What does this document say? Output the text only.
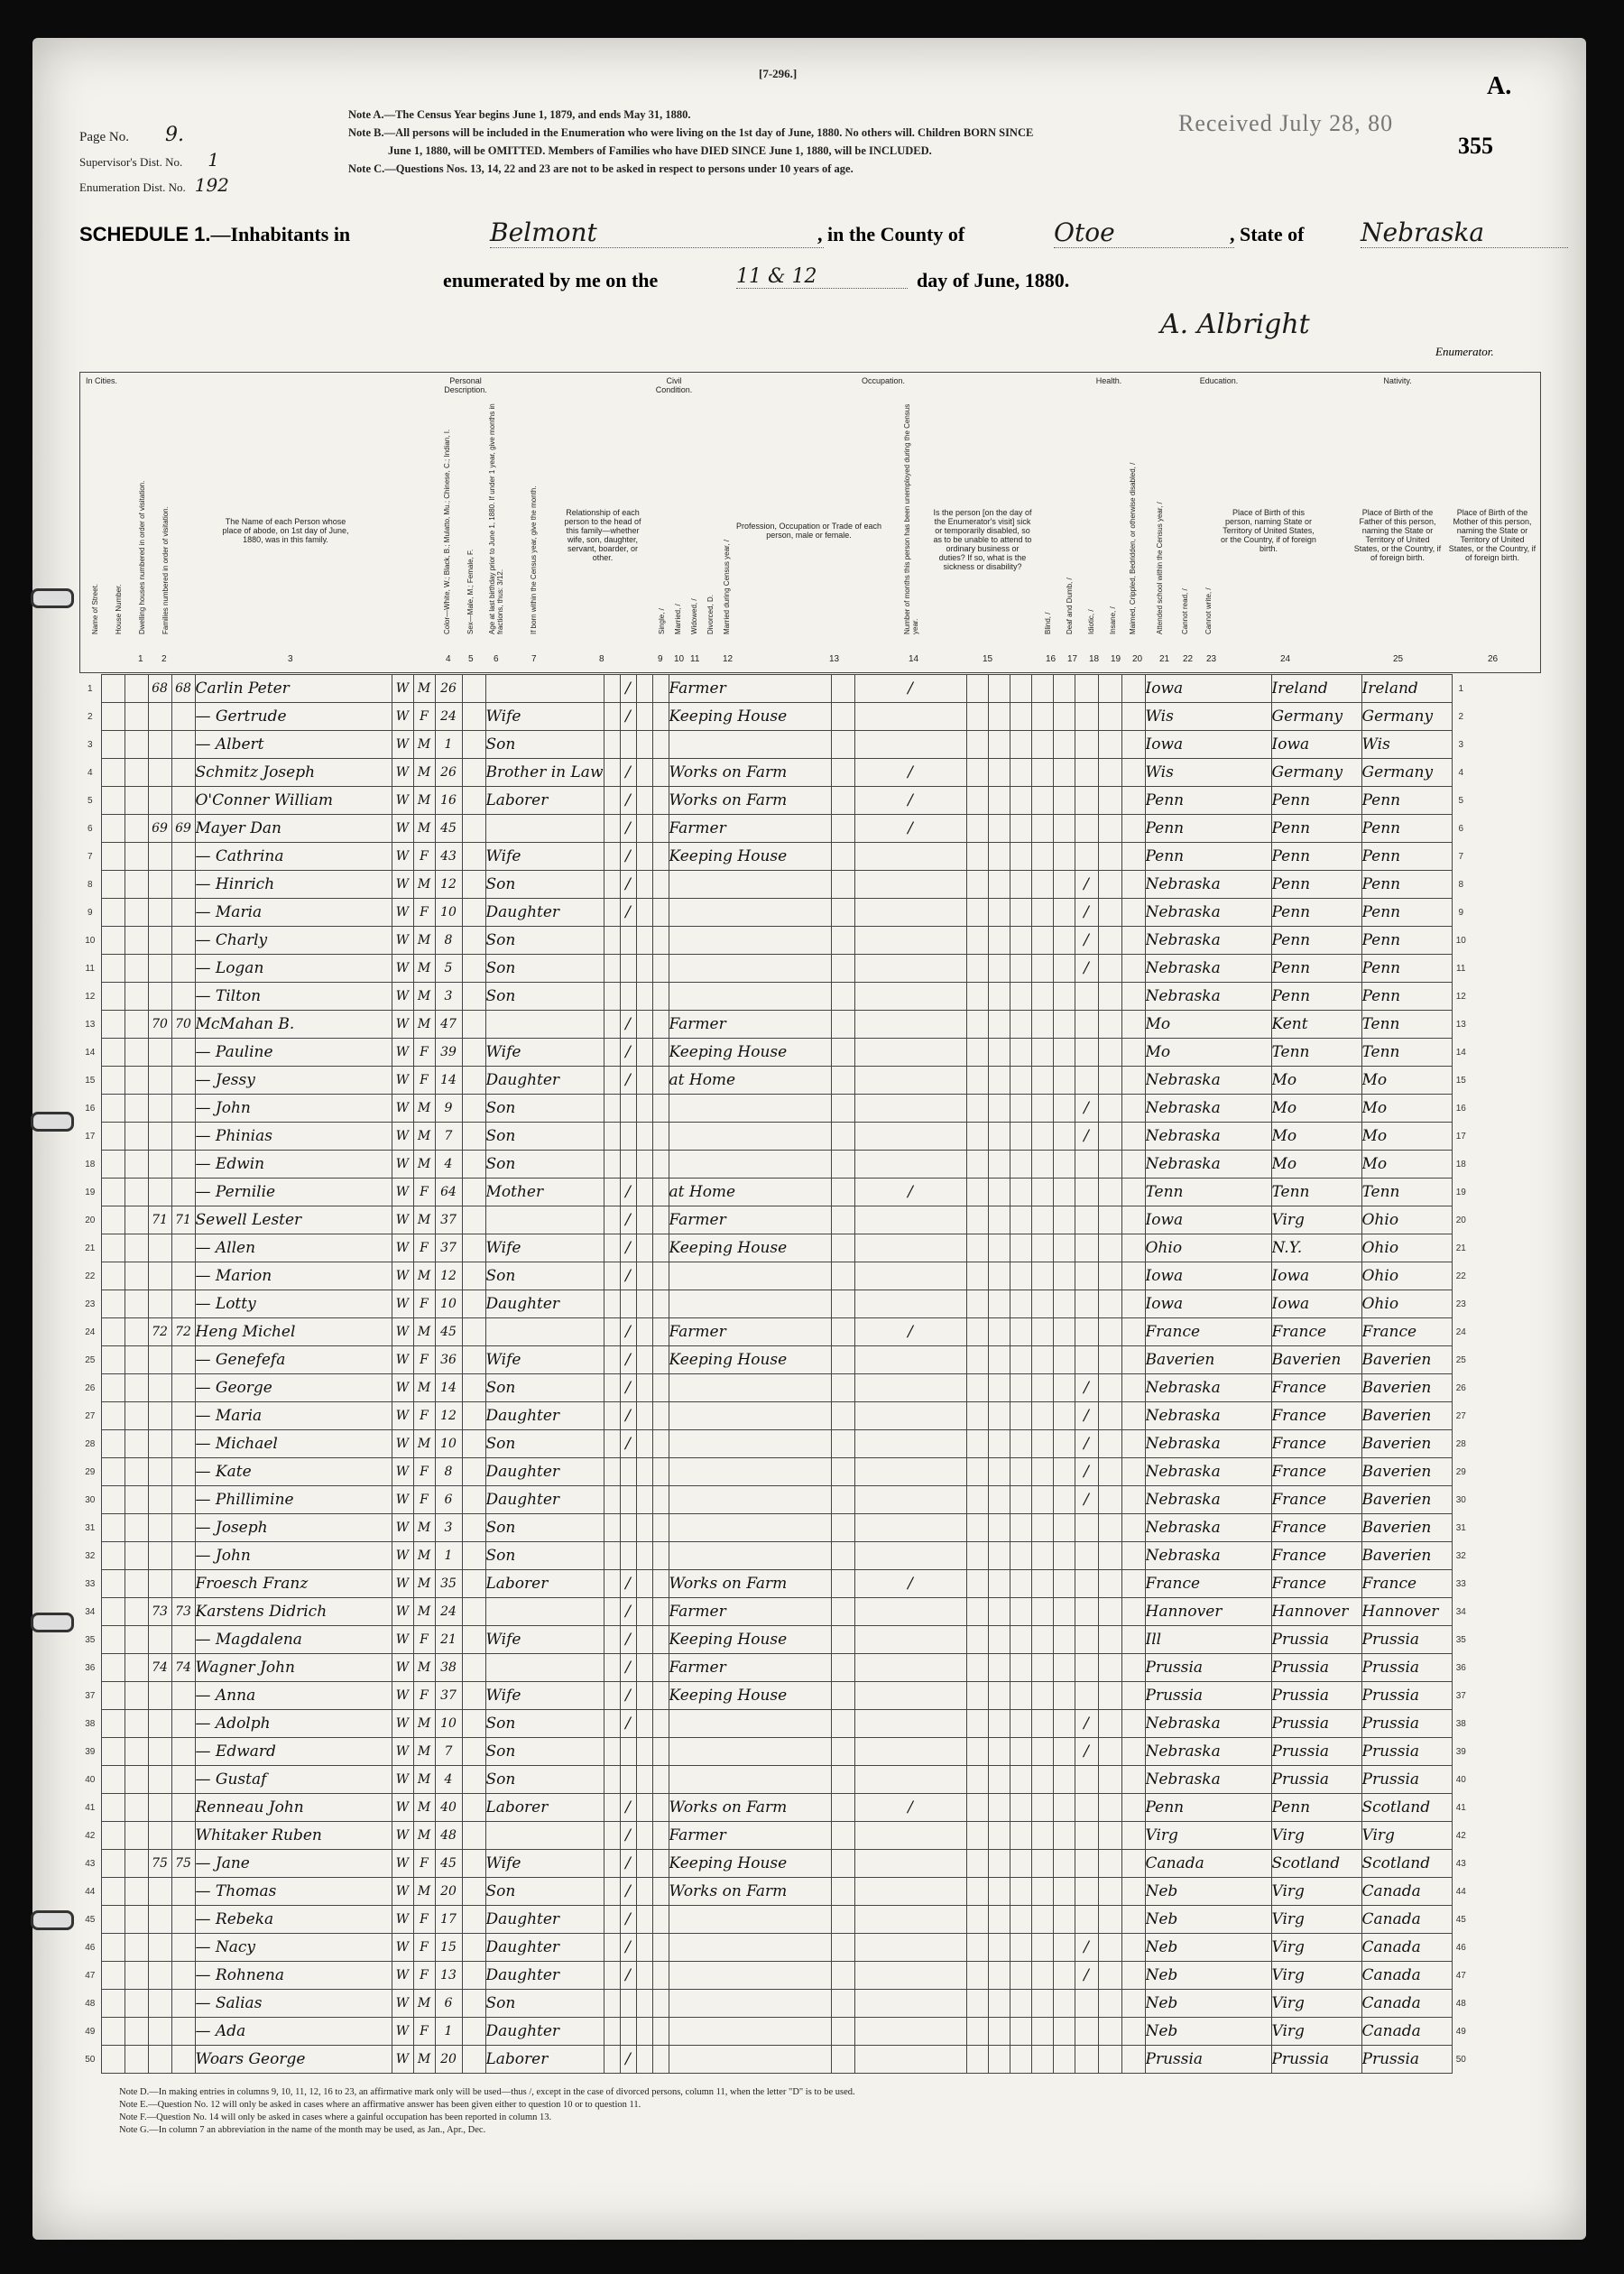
[7-296.]
Received July 28, 80
A.
355
Page No. 9.
Supervisor's Dist. No. 1
Enumeration Dist. No. 192
Note A.—The Census Year begins June 1, 1879, and ends May 31, 1880.
Note B.—All persons will be included in the Enumeration who were living on the 1st day of June, 1880. No others will. Children BORN SINCE
June 1, 1880, will be OMITTED. Members of Families who have DIED SINCE June 1, 1880, will be INCLUDED.
Note C.—Questions Nos. 13, 14, 22 and 23 are not to be asked in respect to persons under 10 years of age.
SCHEDULE 1.—Inhabitants in	Belmont	, in the County of	Otoe	, State of Nebraska
enumerated by me on the	11 & 12	day of June, 1880.
A. Albright
Enumerator.
In Cities.	Personal Description.
Civil Condition.
Occupation.	Health.	Education.	Nativity.
The Name of each Person whose place of abode, on 1st day of June, 1880, was in this family.
Relationship of each person to the head of this family—whether wife, son, daughter, servant, boarder, or other.
Profession, Occupation or Trade of each person, male or female.
Is the person [on the day of the Enumerator's visit] sick or temporarily disabled, so as to be unable to attend to ordinary business or duties? If so, what is the sickness or disability?
Place of Birth of this person, naming State or Territory of United States, or the Country, if of foreign birth.
Place of Birth of the Father of this person, naming the State or Territory of United States, or the Country, if of foreign birth.
Place of Birth of the Mother of this person, naming the State or Territory of United States, or the Country, if of foreign birth.
Name of Street. House Number. Dwelling houses numbered in order of visitation. Families numbered in order of visitation.	Color—White, W.; Black, B.; Mulatto, Mu.; Chinese, C.; Indian, I. Sex—Male, M.; Female, F. Age at last birthday prior to June 1, 1880. If under 1 year, give months in fractions, thus: 3/12.	If born within the Census year, give the month.	Single, / Married, / Widowed, / Divorced, D. Married during Census year, /	Number of months this person has been unemployed during the Census year.	Blind, / Deaf and Dumb, / Idiotic, / Insane, / Maimed, Crippled, Bedridden, or otherwise disabled, /	Attended school within the Census year, / Cannot read, / Cannot write, /
1 2	3	4 5 6	7	8	9 10 11	12	13	14	15	16 17 18 19 20 21 22 23	24	25	26
1			68	68	Carlin Peter	W	M	26				/			Farmer		/									Iowa	Ireland	Ireland	1
2					— Gertrude	W	F	24		Wife		/			Keeping House											Wis	Germany	Germany	2
3					— Albert	W	M	1		Son																Iowa	Iowa	Wis	3
4					Schmitz Joseph	W	M	26		Brother in Law		/			Works on Farm		/									Wis	Germany	Germany	4
5					O'Conner William	W	M	16		Laborer		/			Works on Farm		/									Penn	Penn	Penn	5
6			69	69	Mayer Dan	W	M	45				/			Farmer		/									Penn	Penn	Penn	6
7					— Cathrina	W	F	43		Wife		/			Keeping House											Penn	Penn	Penn	7
8					— Hinrich	W	M	12		Son		/											/			Nebraska	Penn	Penn	8
9					— Maria	W	F	10		Daughter		/											/			Nebraska	Penn	Penn	9
10					— Charly	W	M	8		Son													/			Nebraska	Penn	Penn	10
11					— Logan	W	M	5		Son													/			Nebraska	Penn	Penn	11
12					— Tilton	W	M	3		Son																Nebraska	Penn	Penn	12
13			70	70	McMahan B.	W	M	47				/			Farmer											Mo	Kent	Tenn	13
14					— Pauline	W	F	39		Wife		/			Keeping House											Mo	Tenn	Tenn	14
15					— Jessy	W	F	14		Daughter		/			at Home											Nebraska	Mo	Mo	15
16					— John	W	M	9		Son													/			Nebraska	Mo	Mo	16
17					— Phinias	W	M	7		Son													/			Nebraska	Mo	Mo	17
18					— Edwin	W	M	4		Son																Nebraska	Mo	Mo	18
19					— Pernilie	W	F	64		Mother		/			at Home		/									Tenn	Tenn	Tenn	19
20			71	71	Sewell Lester	W	M	37				/			Farmer											Iowa	Virg	Ohio	20
21					— Allen	W	F	37		Wife		/			Keeping House											Ohio	N.Y.	Ohio	21
22					— Marion	W	M	12		Son		/														Iowa	Iowa	Ohio	22
23					— Lotty	W	F	10		Daughter																Iowa	Iowa	Ohio	23
24			72	72	Heng Michel	W	M	45				/			Farmer		/									France	France	France	24
25					— Genefefa	W	F	36		Wife		/			Keeping House											Baverien	Baverien	Baverien	25
26					— George	W	M	14		Son		/											/			Nebraska	France	Baverien	26
27					— Maria	W	F	12		Daughter		/											/			Nebraska	France	Baverien	27
28					— Michael	W	M	10		Son		/											/			Nebraska	France	Baverien	28
29					— Kate	W	F	8		Daughter													/			Nebraska	France	Baverien	29
30					— Phillimine	W	F	6		Daughter													/			Nebraska	France	Baverien	30
31					— Joseph	W	M	3		Son																Nebraska	France	Baverien	31
32					— John	W	M	1		Son																Nebraska	France	Baverien	32
33					Froesch Franz	W	M	35		Laborer		/			Works on Farm		/									France	France	France	33
34			73	73	Karstens Didrich	W	M	24				/			Farmer											Hannover	Hannover	Hannover	34
35					— Magdalena	W	F	21		Wife		/			Keeping House											Ill	Prussia	Prussia	35
36			74	74	Wagner John	W	M	38				/			Farmer											Prussia	Prussia	Prussia	36
37					— Anna	W	F	37		Wife		/			Keeping House											Prussia	Prussia	Prussia	37
38					— Adolph	W	M	10		Son		/											/			Nebraska	Prussia	Prussia	38
39					— Edward	W	M	7		Son													/			Nebraska	Prussia	Prussia	39
40					— Gustaf	W	M	4		Son																Nebraska	Prussia	Prussia	40
41					Renneau John	W	M	40		Laborer		/			Works on Farm		/									Penn	Penn	Scotland	41
42					Whitaker Ruben	W	M	48				/			Farmer											Virg	Virg	Virg	42
43			75	75	— Jane	W	F	45		Wife		/			Keeping House											Canada	Scotland	Scotland	43
44					— Thomas	W	M	20		Son		/			Works on Farm											Neb	Virg	Canada	44
45					— Rebeka	W	F	17		Daughter		/														Neb	Virg	Canada	45
46					— Nacy	W	F	15		Daughter		/											/			Neb	Virg	Canada	46
47					— Rohnena	W	F	13		Daughter		/											/			Neb	Virg	Canada	47
48					— Salias	W	M	6		Son																Neb	Virg	Canada	48
49					— Ada	W	F	1		Daughter																Neb	Virg	Canada	49
50					Woars George	W	M	20		Laborer		/														Prussia	Prussia	Prussia	50
Note D.—In making entries in columns 9, 10, 11, 12, 16 to 23, an affirmative mark only will be used—thus /, except in the case of divorced persons, column 11, when the letter "D" is to be used.
Note E.—Question No. 12 will only be asked in cases where an affirmative answer has been given either to question 10 or to question 11.
Note F.—Question No. 14 will only be asked in cases where a gainful occupation has been reported in column 13.
Note G.—In column 7 an abbreviation in the name of the month may be used, as Jan., Apr., Dec.
